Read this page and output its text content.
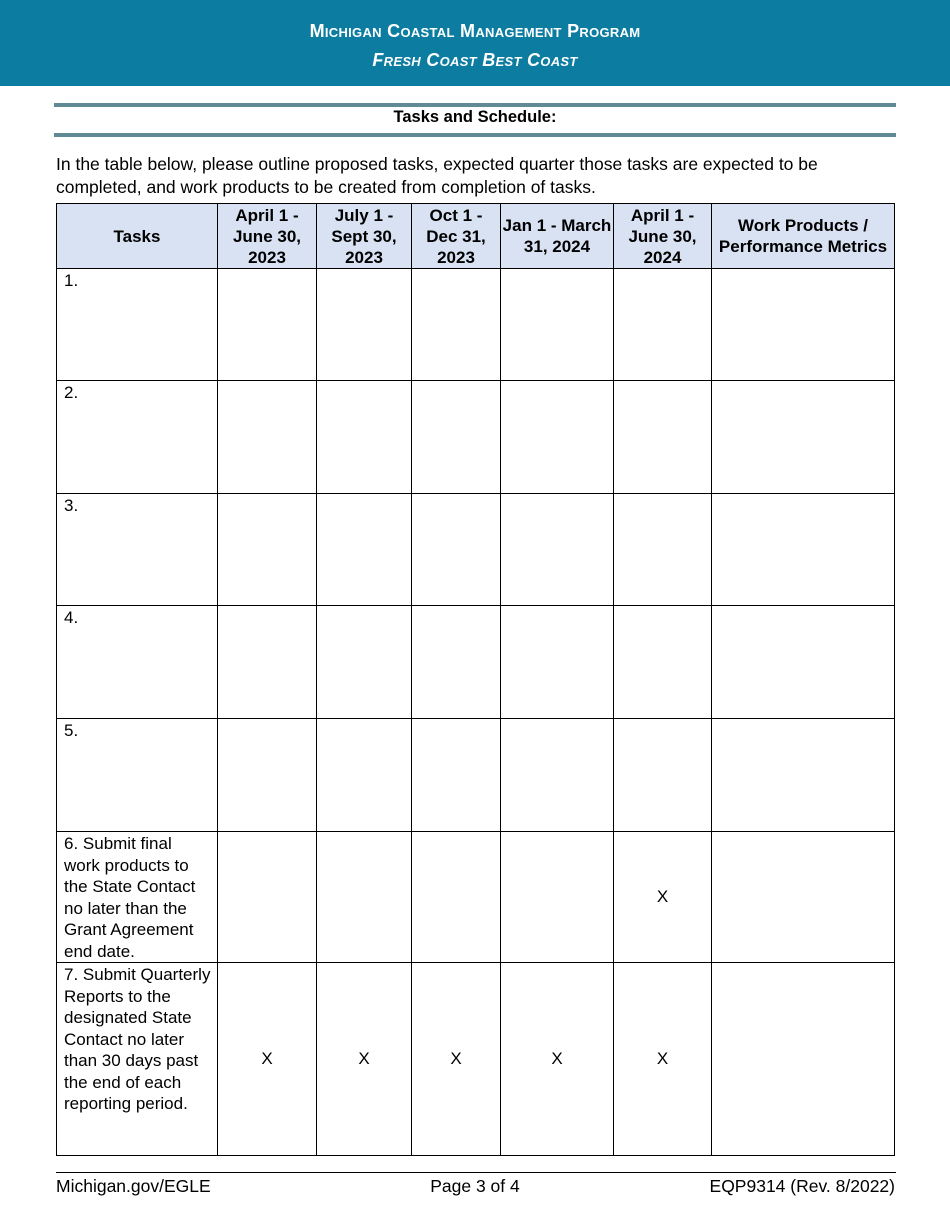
Michigan Coastal Management Program
Fresh Coast Best Coast
Tasks and Schedule:
In the table below, please outline proposed tasks, expected quarter those tasks are expected to be completed, and work products to be created from completion of tasks.
Tasks	April 1 - June 30, 2023	July 1 - Sept 30, 2023	Oct 1 - Dec 31, 2023	Jan 1 - March 31, 2024	April 1 - June 30, 2024	Work Products / Performance Metrics
1.						
2.						
3.						
4.						
5.						
6. Submit final work products to the State Contact no later than the Grant Agreement end date.					X	
7. Submit Quarterly Reports to the designated State Contact no later than 30 days past the end of each reporting period.	X	X	X	X	X	
Michigan.gov/EGLE	Page 3 of 4	EQP9314 (Rev. 8/2022)
